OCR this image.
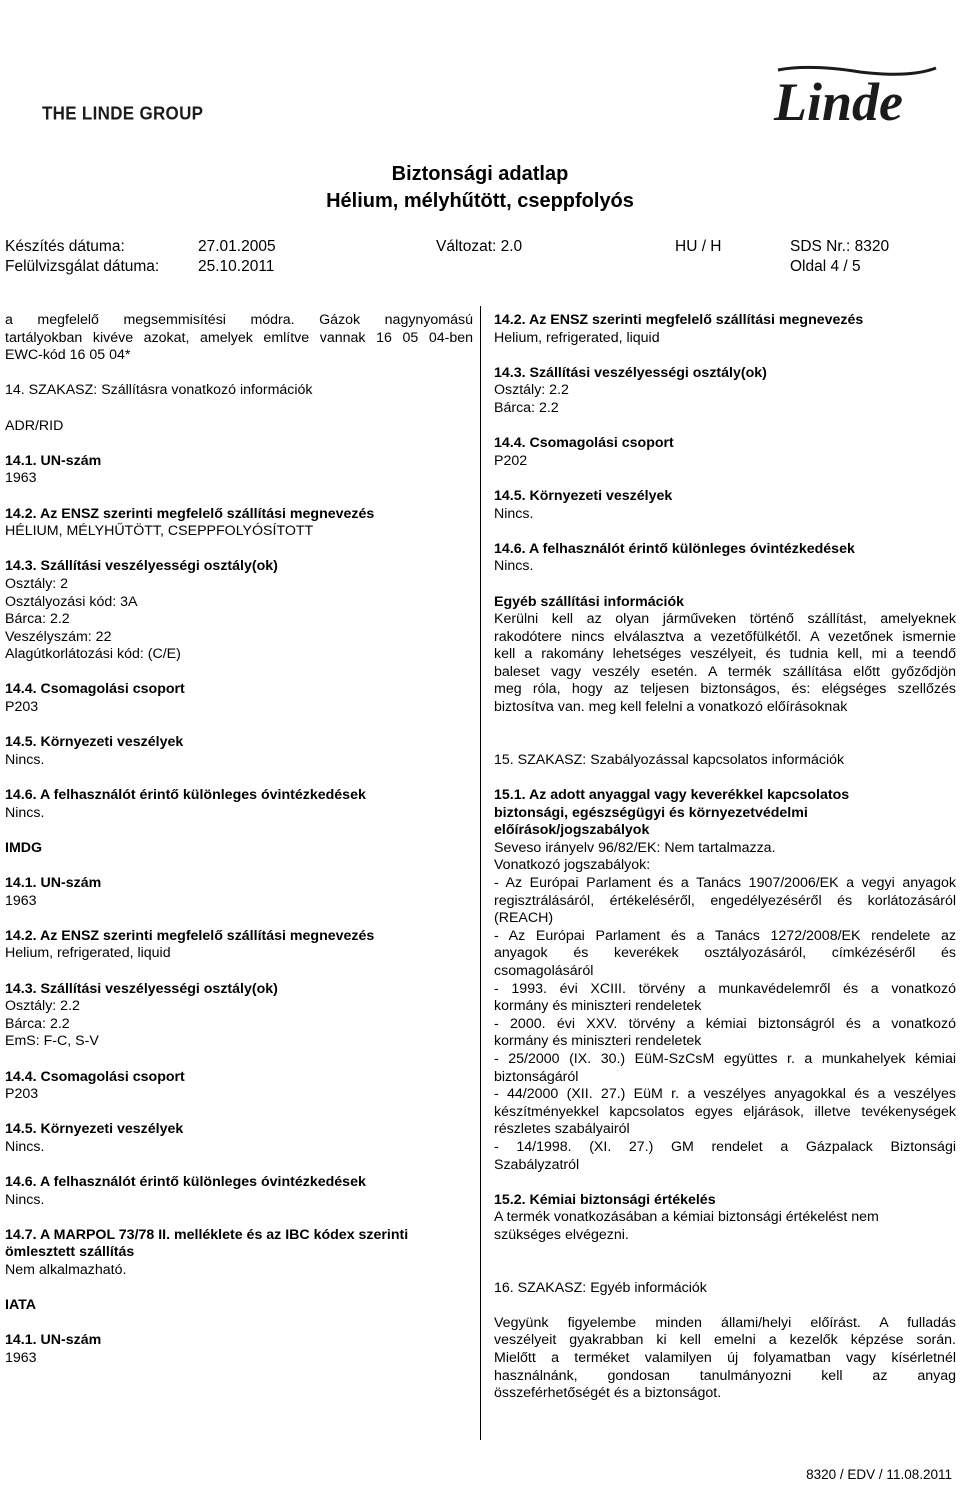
THE LINDE GROUP	Linde
Biztonsági adatlap
Hélium, mélyhűtött, cseppfolyós
Készítés dátuma:	27.01.2005	Változat: 2.0	HU / H	SDS Nr.: 8320
Felülvizsgálat dátuma:	25.10.2011	Oldal 4 / 5

a megfelelő megsemmisítési módra. Gázok nagynyomású

tartályokban kivéve azokat, amelyek említve vannak 16 05 04-ben

EWC-kód 16 05 04*

14. SZAKASZ: Szállításra vonatkozó információk

ADR/RID

14.1. UN-szám

1963

14.2. Az ENSZ szerinti megfelelő szállítási megnevezés

HÉLIUM, MÉLYHŰTÖTT, CSEPPFOLYÓSÍTOTT

14.3. Szállítási veszélyességi osztály(ok)

Osztály: 2

Osztályozási kód: 3A

Bárca: 2.2

Veszélyszám: 22

Alagútkorlátozási kód: (C/E)

14.4. Csomagolási csoport

P203

14.5. Környezeti veszélyek

Nincs.

14.6. A felhasználót érintő különleges óvintézkedések

Nincs.

IMDG

14.1. UN-szám

1963

14.2. Az ENSZ szerinti megfelelő szállítási megnevezés

Helium, refrigerated, liquid

14.3. Szállítási veszélyességi osztály(ok)

Osztály: 2.2

Bárca: 2.2

EmS: F-C, S-V

14.4. Csomagolási csoport

P203

14.5. Környezeti veszélyek

Nincs.

14.6. A felhasználót érintő különleges óvintézkedések

Nincs.

14.7. A MARPOL 73/78 II. melléklete és az IBC kódex szerinti

ömlesztett szállítás

Nem alkalmazható.

IATA

14.1. UN-szám

1963

14.2. Az ENSZ szerinti megfelelő szállítási megnevezés

Helium, refrigerated, liquid

14.3. Szállítási veszélyességi osztály(ok)

Osztály: 2.2

Bárca: 2.2

14.4. Csomagolási csoport

P202

14.5. Környezeti veszélyek

Nincs.

14.6. A felhasználót érintő különleges óvintézkedések

Nincs.

Egyéb szállítási információk

Kerülni kell az olyan járműveken történő szállítást, amelyeknek

rakodótere nincs elválasztva a vezetőfülkétől. A vezetőnek ismernie

kell a rakomány lehetséges veszélyeit, és tudnia kell, mi a teendő

baleset vagy veszély esetén. A termék szállítása előtt győződjön

meg róla, hogy az teljesen biztonságos, és: elégséges szellőzés

biztosítva van. meg kell felelni a vonatkozó előírásoknak

15. SZAKASZ: Szabályozással kapcsolatos információk

15.1. Az adott anyaggal vagy keverékkel kapcsolatos

biztonsági, egészségügyi és környezetvédelmi

előírások/jogszabályok

Seveso irányelv 96/82/EK: Nem tartalmazza.

Vonatkozó jogszabályok:

- Az Európai Parlament és a Tanács 1907/2006/EK a vegyi anyagok

regisztrálásáról, értékeléséről, engedélyezéséről és korlátozásáról

(REACH)

- Az Európai Parlament és a Tanács 1272/2008/EK rendelete az

anyagok és keverékek osztályozásáról, címkézéséről és

csomagolásáról

- 1993. évi XCIII. törvény a munkavédelemről és a vonatkozó

kormány és miniszteri rendeletek

- 2000. évi XXV. törvény a kémiai biztonságról és a vonatkozó

kormány és miniszteri rendeletek

- 25/2000 (IX. 30.) EüM-SzCsM együttes r. a munkahelyek kémiai

biztonságáról

- 44/2000 (XII. 27.) EüM r. a veszélyes anyagokkal és a veszélyes

készítményekkel kapcsolatos egyes eljárások, illetve tevékenységek

részletes szabályairól

- 14/1998. (XI. 27.) GM rendelet a Gázpalack Biztonsági

Szabályzatról

15.2. Kémiai biztonsági értékelés

A termék vonatkozásában a kémiai biztonsági értékelést nem

szükséges elvégezni.

16. SZAKASZ: Egyéb információk

Vegyünk figyelembe minden állami/helyi előírást. A fulladás

veszélyeit gyakrabban ki kell emelni a kezelők képzése során.

Mielőtt a terméket valamilyen új folyamatban vagy kísérletnél

használnánk, gondosan tanulmányozni kell az anyag

összeférhetőségét és a biztonságot.

8320 / EDV / 11.08.2011
